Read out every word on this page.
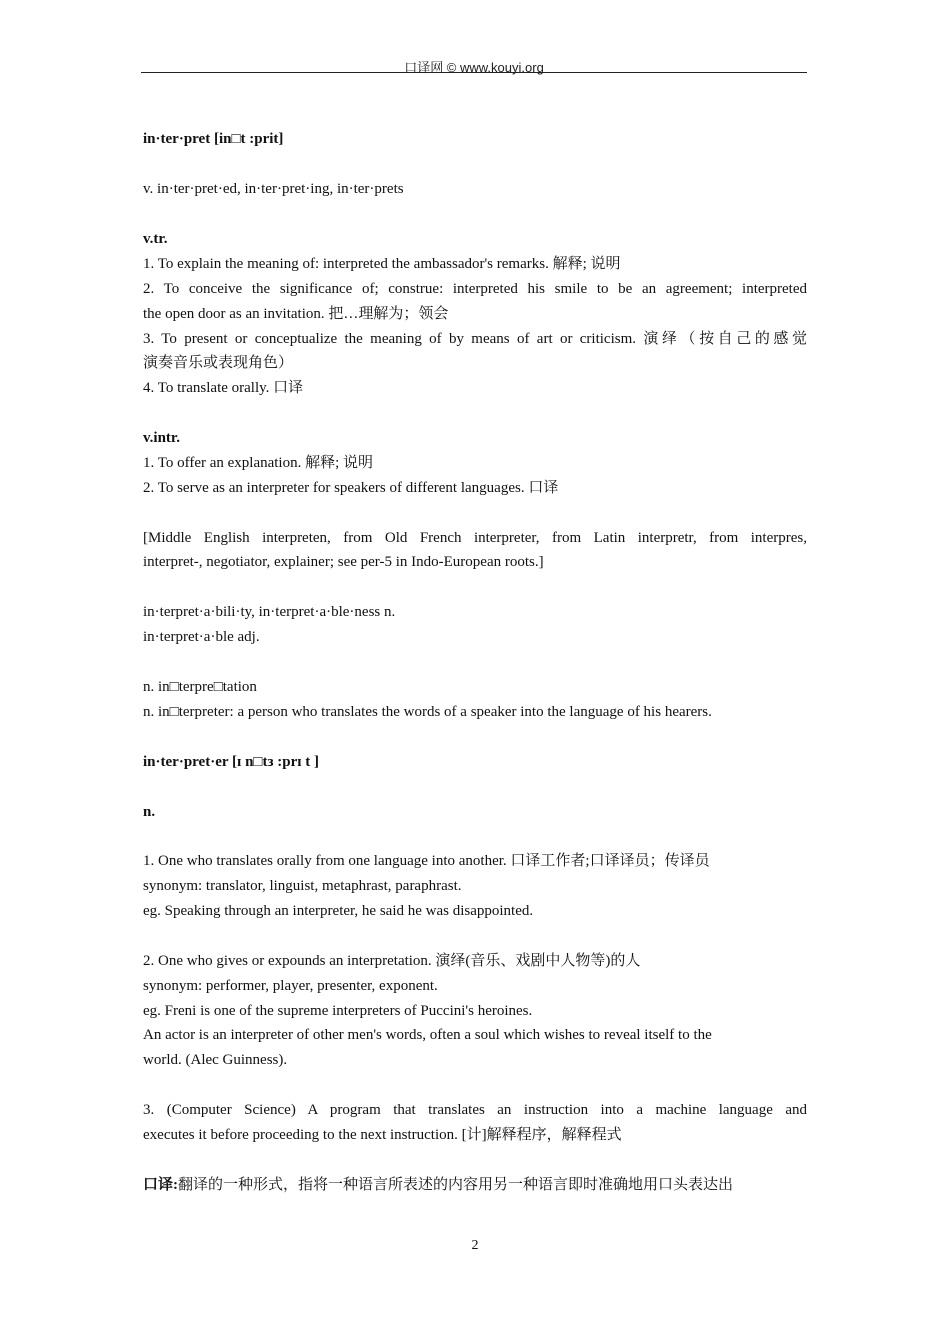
口译网 © www.kouyi.org
in·ter·pret [in□t :prit]
v. in·ter·pret·ed, in·ter·pret·ing, in·ter·prets
v.tr.
1. To explain the meaning of: interpreted the ambassador's remarks. 解释; 说明
2. To conceive the significance of; construe: interpreted his smile to be an agreement; interpreted
the open door as an invitation. 把…理解为；领会
3. To present or conceptualize the meaning of by means of art or criticism. 演绎（按自己的感觉
演奏音乐或表现角色）
4. To translate orally. 口译
v.intr.
1. To offer an explanation. 解释; 说明
2. To serve as an interpreter for speakers of different languages. 口译
[Middle English interpreten, from Old French interpreter, from Latin interpretr, from interpres,
interpret-, negotiator, explainer; see per-5 in Indo-European roots.]
in·terpret·a·bili·ty, in·terpret·a·ble·ness n.
in·terpret·a·ble adj.
n. in□terpre□tation
n. in□terpreter: a person who translates the words of a speaker into the language of his hearers.
in·ter·pret·er [ɪ n□tз :prɪ t ]
n.
1. One who translates orally from one language into another. 口译工作者;口译译员；传译员
synonym: translator, linguist, metaphrast, paraphrast.
eg. Speaking through an interpreter, he said he was disappointed.
2. One who gives or expounds an interpretation. 演绎(音乐、戏剧中人物等)的人
synonym: performer, player, presenter, exponent.
eg. Freni is one of the supreme interpreters of Puccini's heroines.
An actor is an interpreter of other men's words, often a soul which wishes to reveal itself to the
world. (Alec Guinness).
3. (Computer Science) A program that translates an instruction into a machine language and
executes it before proceeding to the next instruction. [计]解释程序，解释程式
口译:翻译的一种形式，指将一种语言所表述的内容用另一种语言即时准确地用口头表达出
2
